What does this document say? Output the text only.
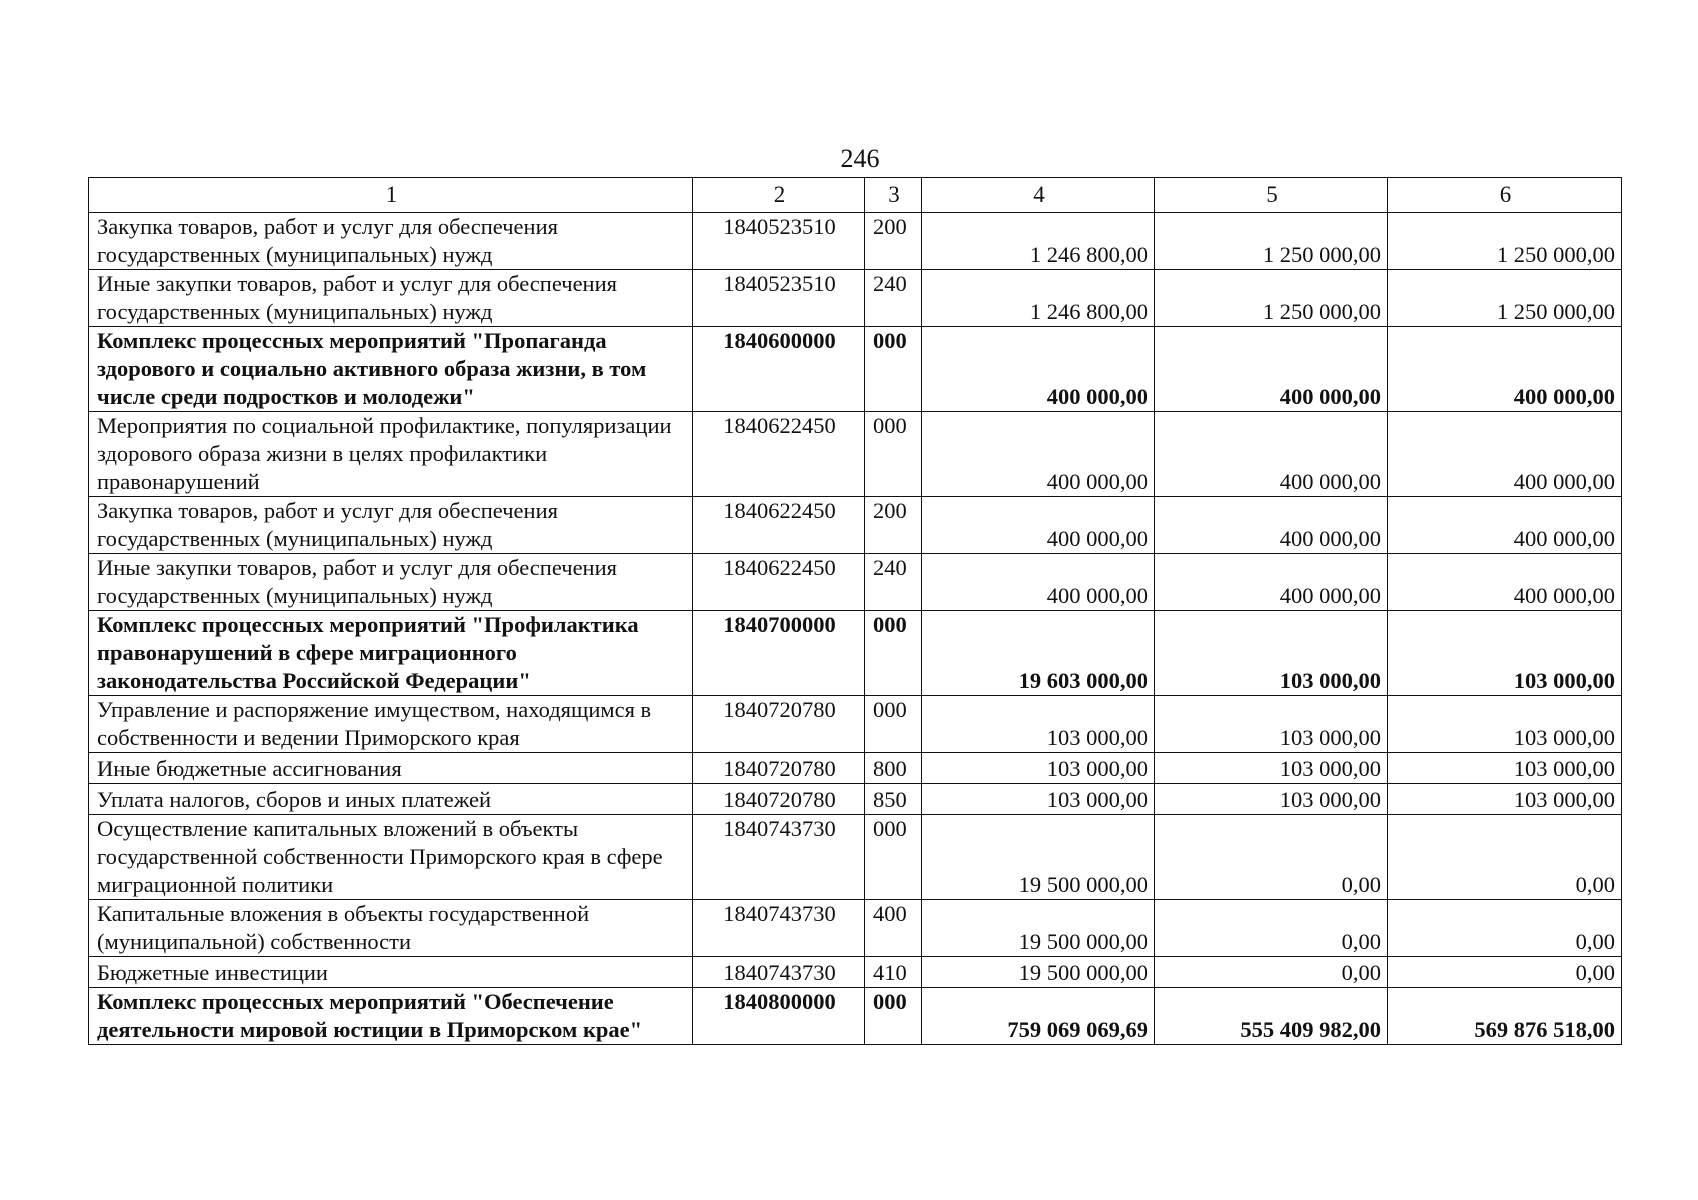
246
1	2	3	4	5	6
Закупка товаров, работ и услуг для обеспечения государственных (муниципальных) нужд	1840523510	200	1 246 800,00	1 250 000,00	1 250 000,00
Иные закупки товаров, работ и услуг для обеспечения государственных (муниципальных) нужд	1840523510	240	1 246 800,00	1 250 000,00	1 250 000,00
Комплекс процессных мероприятий "Пропаганда здорового и социально активного образа жизни, в том числе среди подростков и молодежи"	1840600000	000	400 000,00	400 000,00	400 000,00
Мероприятия по социальной профилактике, популяризации здорового образа жизни в целях профилактики правонарушений	1840622450	000	400 000,00	400 000,00	400 000,00
Закупка товаров, работ и услуг для обеспечения государственных (муниципальных) нужд	1840622450	200	400 000,00	400 000,00	400 000,00
Иные закупки товаров, работ и услуг для обеспечения государственных (муниципальных) нужд	1840622450	240	400 000,00	400 000,00	400 000,00
Комплекс процессных мероприятий "Профилактика правонарушений в сфере миграционного законодательства Российской Федерации"	1840700000	000	19 603 000,00	103 000,00	103 000,00
Управление и распоряжение имуществом, находящимся в собственности и ведении Приморского края	1840720780	000	103 000,00	103 000,00	103 000,00
Иные бюджетные ассигнования	1840720780	800	103 000,00	103 000,00	103 000,00
Уплата налогов, сборов и иных платежей	1840720780	850	103 000,00	103 000,00	103 000,00
Осуществление капитальных вложений в объекты государственной собственности Приморского края в сфере миграционной политики	1840743730	000	19 500 000,00	0,00	0,00
Капитальные вложения в объекты государственной (муниципальной) собственности	1840743730	400	19 500 000,00	0,00	0,00
Бюджетные инвестиции	1840743730	410	19 500 000,00	0,00	0,00
Комплекс процессных мероприятий "Обеспечение деятельности мировой юстиции в Приморском крае"	1840800000	000	759 069 069,69	555 409 982,00	569 876 518,00
